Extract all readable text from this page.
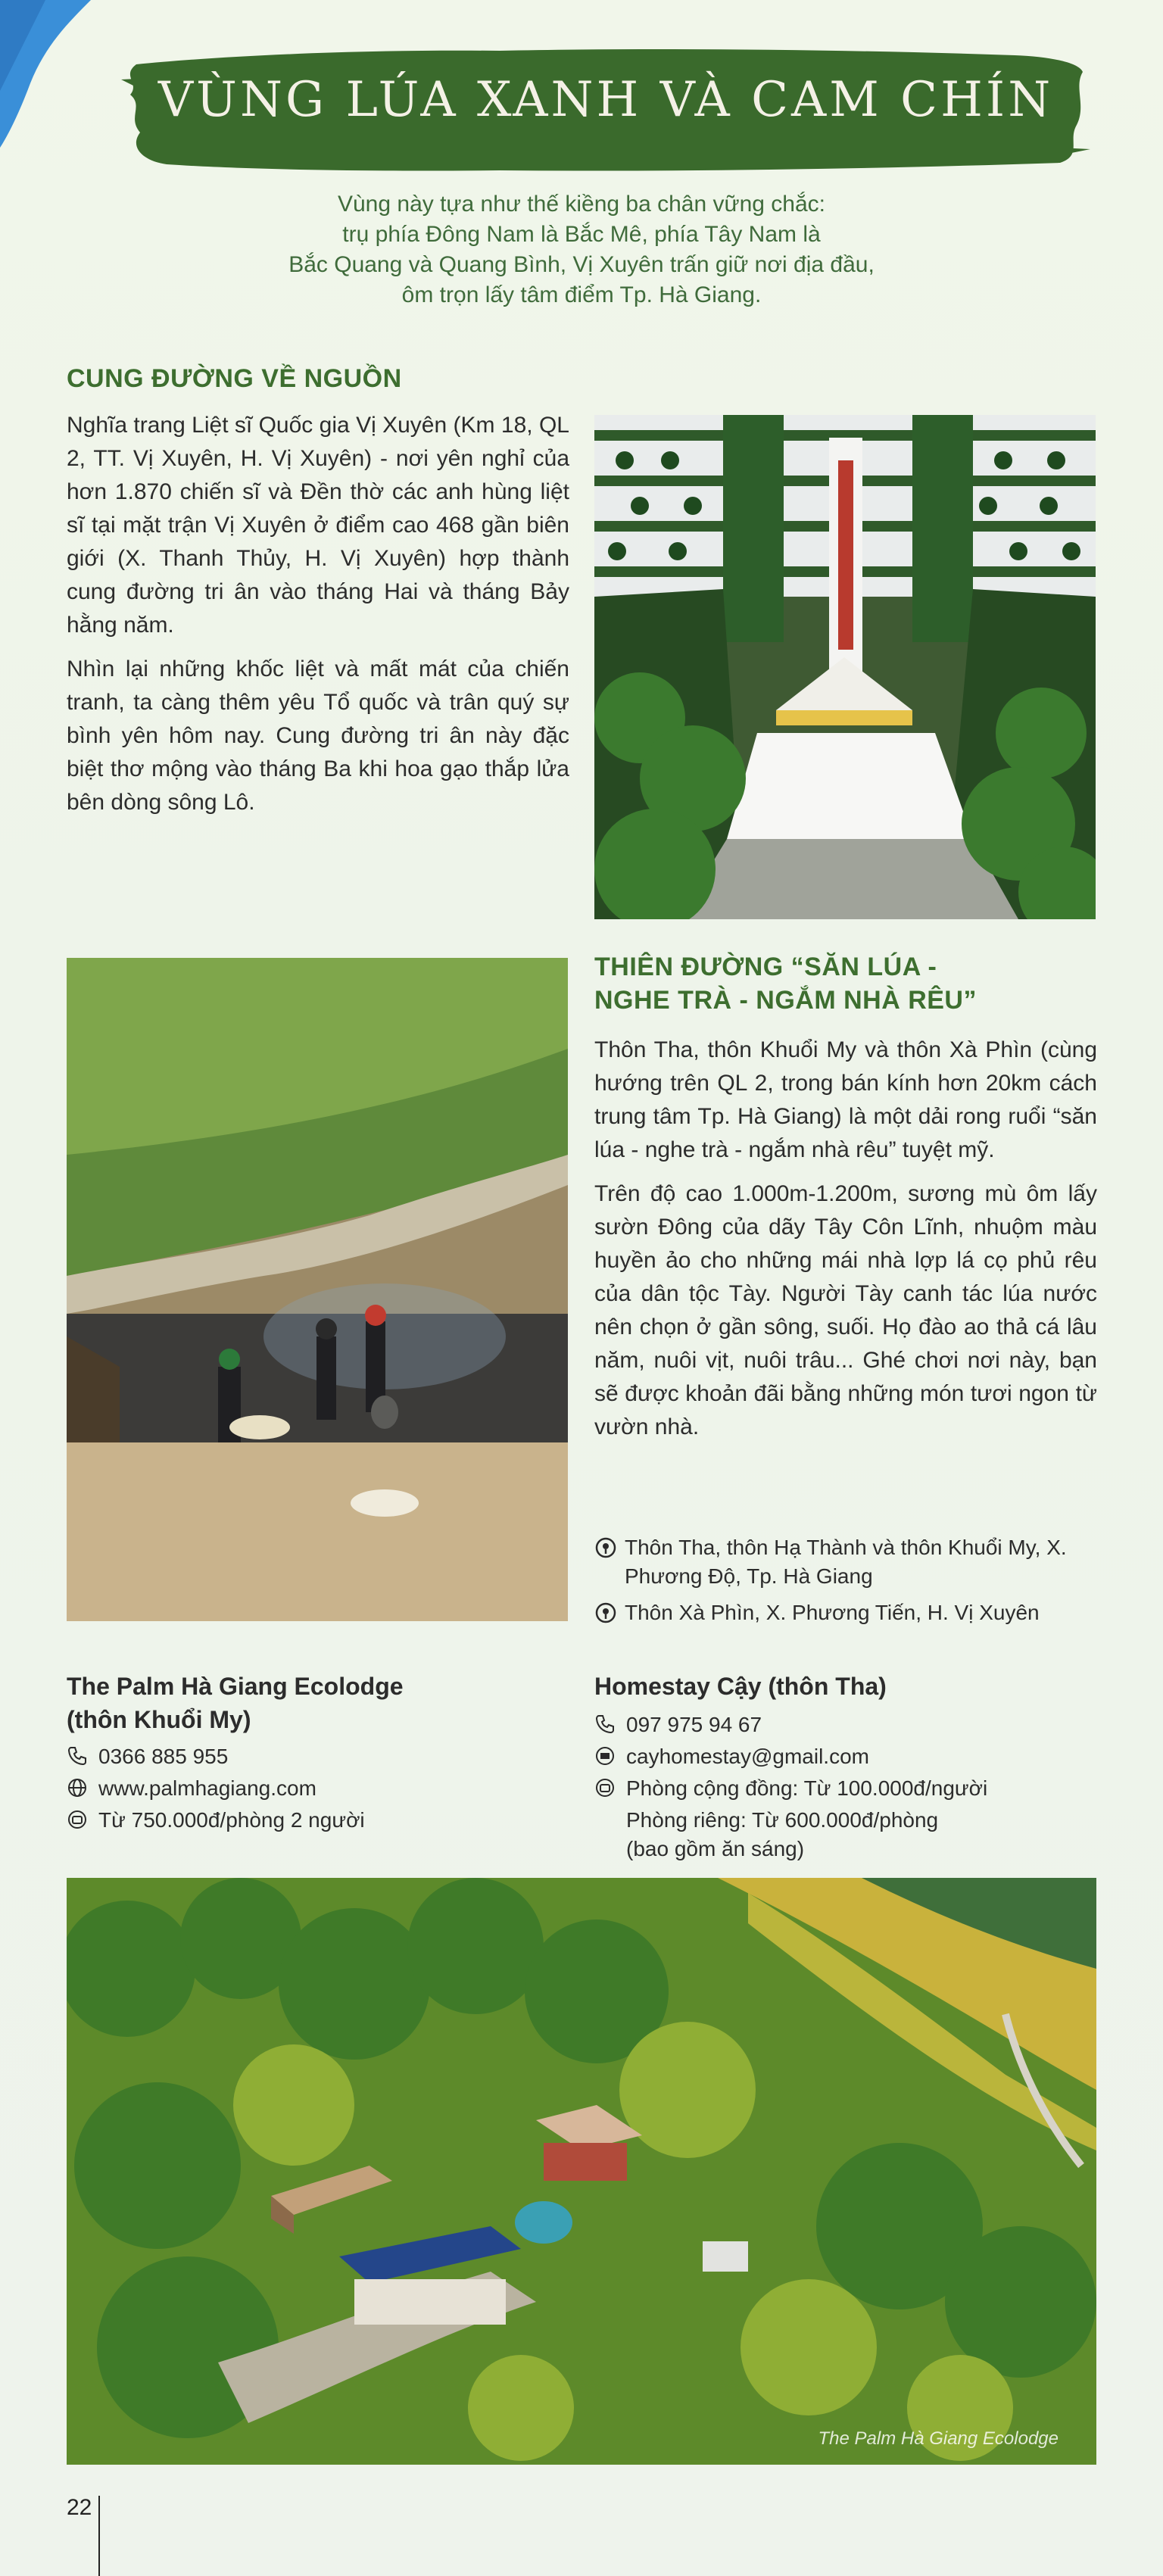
VÙNG LÚA XANH VÀ CAM CHÍN
Vùng này tựa như thế kiềng ba chân vững chắc:
trụ phía Đông Nam là Bắc Mê, phía Tây Nam là
Bắc Quang và Quang Bình, Vị Xuyên trấn giữ nơi địa đầu,
ôm trọn lấy tâm điểm Tp. Hà Giang.
CUNG ĐƯỜNG VỀ NGUỒN

Nghĩa trang Liệt sĩ Quốc gia Vị Xuyên (Km 18, QL 2, TT. Vị Xuyên, H. Vị Xuyên) - nơi yên nghỉ của hơn 1.870 chiến sĩ và Đền thờ các anh hùng liệt sĩ tại mặt trận Vị Xuyên ở điểm cao 468 gần biên giới (X. Thanh Thủy, H. Vị Xuyên) hợp thành cung đường tri ân vào tháng Hai và tháng Bảy hằng năm.

Nhìn lại những khốc liệt và mất mát của chiến tranh, ta càng thêm yêu Tổ quốc và trân quý sự bình yên hôm nay. Cung đường tri ân này đặc biệt thơ mộng vào tháng Ba khi hoa gạo thắp lửa bên dòng sông Lô.

THIÊN ĐƯỜNG “SĂN LÚA -
NGHE TRÀ - NGẮM NHÀ RÊU”

Thôn Tha, thôn Khuổi My và thôn Xà Phìn (cùng hướng trên QL 2, trong bán kính hơn 20km cách trung tâm Tp. Hà Giang) là một dải rong ruổi “săn lúa - nghe trà - ngắm nhà rêu” tuyệt mỹ.

Trên độ cao 1.000m-1.200m, sương mù ôm lấy sườn Đông của dãy Tây Côn Lĩnh, nhuộm màu huyền ảo cho những mái nhà lợp lá cọ phủ rêu của dân tộc Tày. Người Tày canh tác lúa nước nên chọn ở gần sông, suối. Họ đào ao thả cá lâu năm, nuôi vịt, nuôi trâu... Ghé chơi nơi này, bạn sẽ được khoản đãi bằng những món tươi ngon từ vườn nhà.

Thôn Tha, thôn Hạ Thành và thôn Khuổi My, X. Phương Độ, Tp. Hà Giang
Thôn Xà Phìn, X. Phương Tiến, H. Vị Xuyên
The Palm Hà Giang Ecolodge
(thôn Khuổi My)
0366 885 955
www.palmhagiang.com
Từ 750.000đ/phòng 2 người
Homestay Cậy (thôn Tha)
097 975 94 67
cayhomestay@gmail.com
Phòng cộng đồng: Từ 100.000đ/người
Phòng riêng: Từ 600.000đ/phòng
(bao gồm ăn sáng)
The Palm Hà Giang Ecolodge
22
